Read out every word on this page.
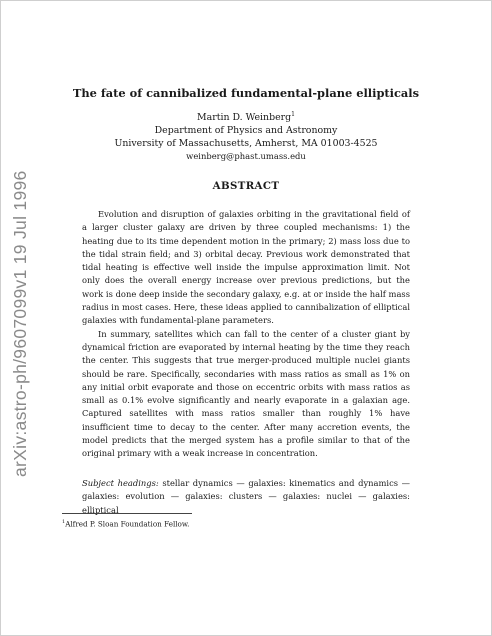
arXiv:astro-ph/9607099v1 19 Jul 1996
The fate of cannibalized fundamental-plane ellipticals
Martin D. Weinberg$^1$
Department of Physics and Astronomy
University of Massachusetts, Amherst, MA 01003-4525
weinberg@phast.umass.edu
ABSTRACT

Evolution and disruption of galaxies orbiting in the gravitational field of a larger cluster galaxy are driven by three coupled mechanisms: 1) the heating due to its time dependent motion in the primary; 2) mass loss due to the tidal strain field; and 3) orbital decay. Previous work demonstrated that tidal heating is effective well inside the impulse approximation limit. Not only does the overall energy increase over previous predictions, but the work is done deep inside the secondary galaxy, e.g. at or inside the half mass radius in most cases. Here, these ideas applied to cannibalization of elliptical galaxies with fundamental-plane parameters.

In summary, satellites which can fall to the center of a cluster giant by dynamical friction are evaporated by internal heating by the time they reach the center. This suggests that true merger-produced multiple nuclei giants should be rare. Specifically, secondaries with mass ratios as small as 1% on any initial orbit evaporate and those on eccentric orbits with mass ratios as small as 0.1% evolve significantly and nearly evaporate in a galaxian age. Captured satellites with mass ratios smaller than roughly 1% have insufficient time to decay to the center. After many accretion events, the model predicts that the merged system has a profile similar to that of the original primary with a weak increase in concentration.

Subject headings: stellar dynamics — galaxies: kinematics and dynamics — galaxies: evolution — galaxies: clusters — galaxies: nuclei — galaxies: elliptical
$^1$Alfred P. Sloan Foundation Fellow.
